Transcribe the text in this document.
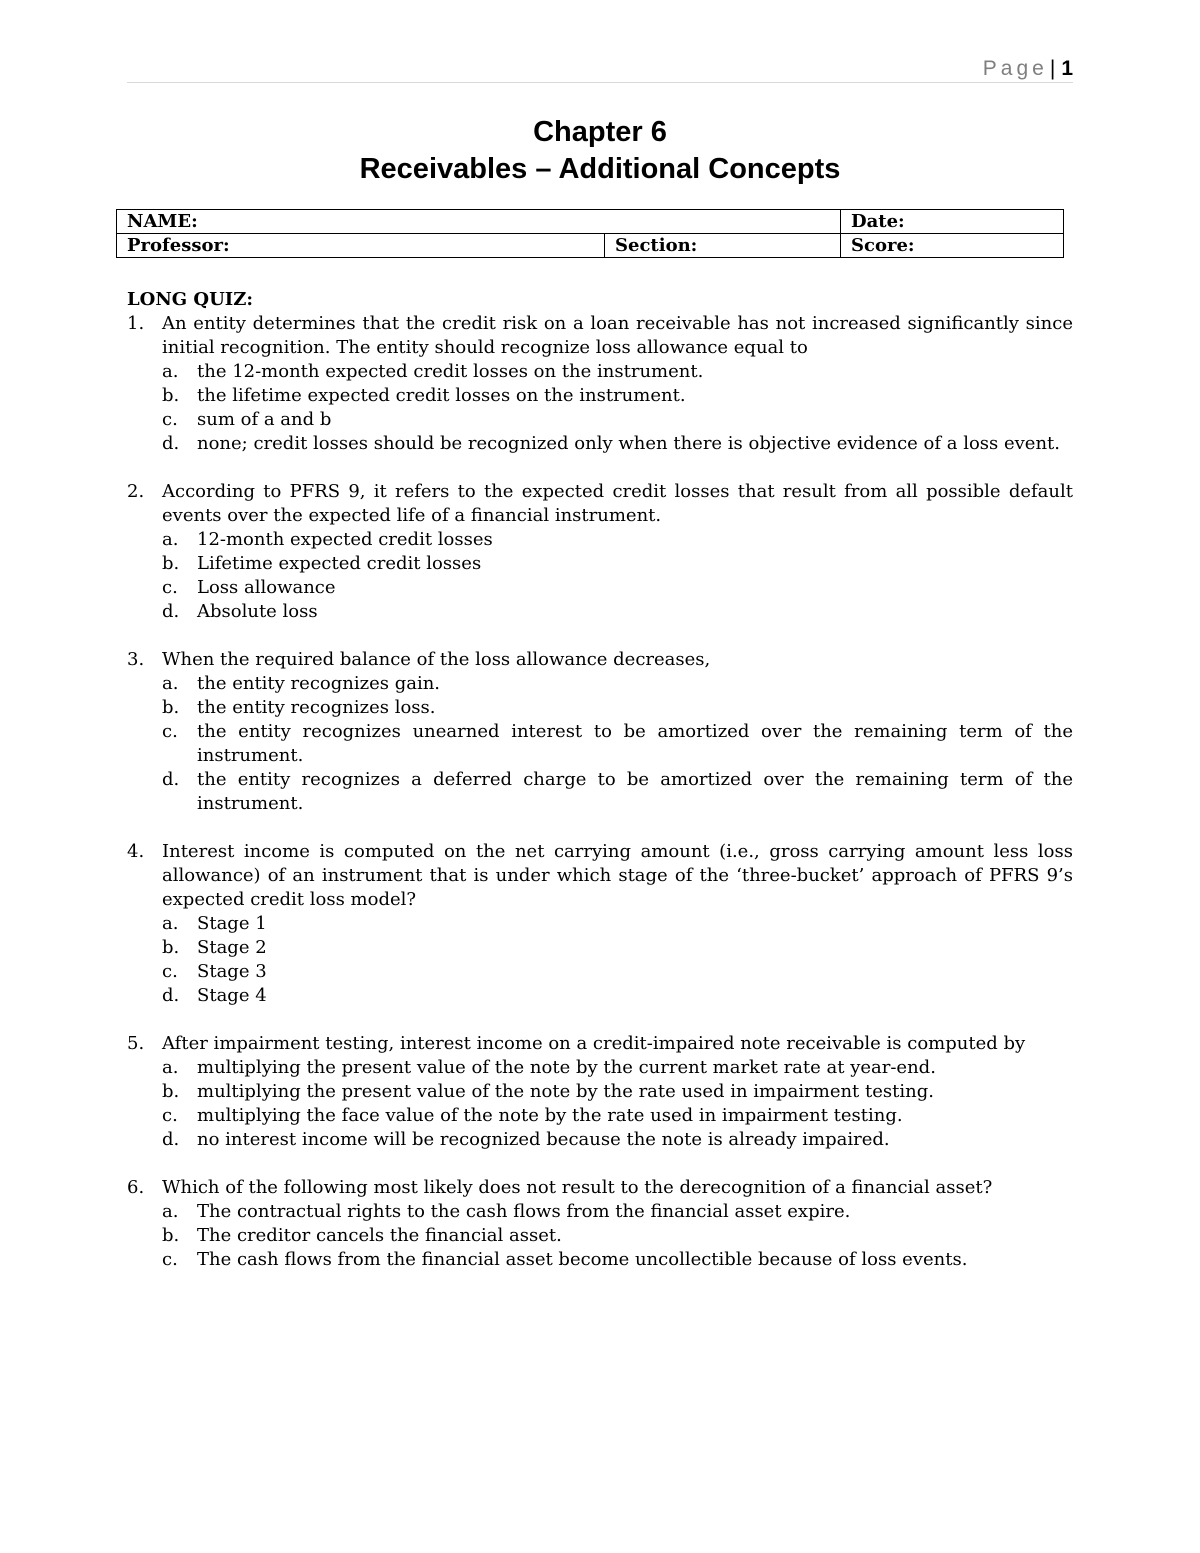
Page| 1
Chapter 6
Receivables – Additional Concepts
NAME:		Date:
Professor:	Section:	Score:
LONG QUIZ:
1. An entity determines that the credit risk on a loan receivable has not increased significantly since initial recognition. The entity should recognize loss allowance equal to
a.	the 12-month expected credit losses on the instrument.
b. the lifetime expected credit losses on the instrument.
c.	sum of a and b
d. none; credit losses should be recognized only when there is objective evidence of a loss event.
2. According to PFRS 9, it refers to the expected credit losses that result from all possible default events over the expected life of a financial instrument.
a.	12-month expected credit losses
b. Lifetime expected credit losses
c.	Loss allowance
d. Absolute loss
3. When the required balance of the loss allowance decreases,
a.	the entity recognizes gain.
b. the entity recognizes loss.
c.	the entity recognizes unearned interest to be amortized over the remaining term of the instrument.
d. the entity recognizes a deferred charge to be amortized over the remaining term of the instrument.
4. Interest income is computed on the net carrying amount (i.e., gross carrying amount less loss allowance) of an instrument that is under which stage of the ‘three-bucket’ approach of PFRS 9’s expected credit loss model?
a.	Stage 1
b. Stage 2
c.	Stage 3
d. Stage 4
5. After impairment testing, interest income on a credit-impaired note receivable is computed by
a.	multiplying the present value of the note by the current market rate at year-end.
b. multiplying the present value of the note by the rate used in impairment testing.
c.	multiplying the face value of the note by the rate used in impairment testing.
d. no interest income will be recognized because the note is already impaired.
6. Which of the following most likely does not result to the derecognition of a financial asset?
a.	The contractual rights to the cash flows from the financial asset expire.
b. The creditor cancels the financial asset.
c.	The cash flows from the financial asset become uncollectible because of loss events.
